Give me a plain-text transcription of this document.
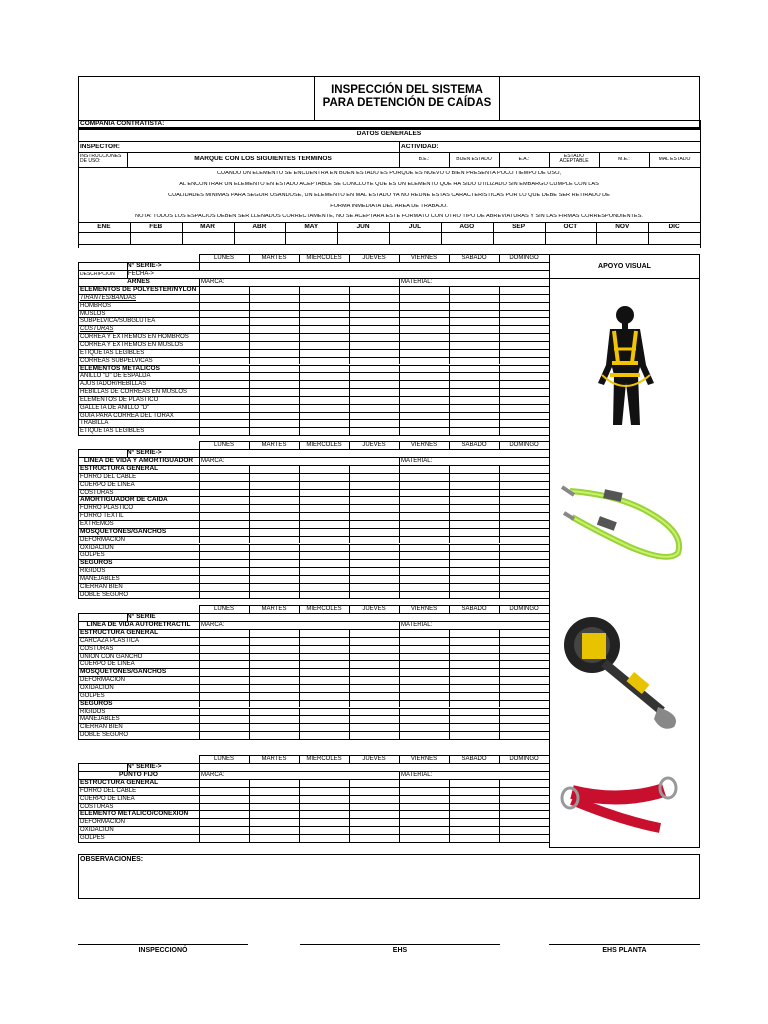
INSPECCIÓN DEL SISTEMA PARA DETENCIÓN DE CAÍDAS
COMPAÑÍA CONTRATISTA:
DATOS GENERALES
INSPECTOR:	ACTIVIDAD:
INSTRUCCIONES DE USO:	MARQUE CON LOS SIGUIENTES TÉRMINOS	B.E.:	BUEN ESTADO	E.A.:	ESTADO ACEPTABLE	M.E.:	MAL ESTADO
CUANDO UN ELEMENTO SE ENCUENTRA EN BUEN ESTADO ES PORQUE ES NUEVO O BIEN PRESENTA POCO TIEMPO DE USO,
AL ENCONTRAR UN ELEMENTO EN ESTADO ACEPTABLE SE CONCLUYE QUE ES UN ELEMENTO QUE HA SIDO UTILIZADO SIN EMBARGO CUMPLE CON LAS
CUALIDADES MÍNIMAS PARA SEGUIR USANDOSE, UN ELEMENTO EN MAL ESTADO YA NO REUNE ESTAS CARACTERÍSTICAS POR LO QUE DEBE SER RETIRADO DE
FORMA INMEDIATA DEL ÁREA DE TRABAJO.
NOTA: TODOS LOS ESPACIOS DEBEN SER LLENADOS CORRECTAMENTE, NO SE ACEPTARA ESTE FORMATO CON OTRO TIPO DE ABREVIATURAS Y SIN LAS FIRMAS CORRESPONDIENTES.
ENE	FEB	MAR	ABR	MAY	JUN	JUL	AGO	SEP	OCT	NOV	DIC
LUNES	MARTES	MIERCOLES	JUEVES	VIERNES	SABADO	DOMINGO
N° SERIE->
DESCRIPCION FECHA->
ARNÉS	MARCA:	MATERIAL:
ELEMENTOS DE POLYESTER/NYLON
TIRANTES/BANDAS
HOMBROS
MUSLOS
SUBPELVICA/SUBGLUTEA
COSTURAS
CORREA Y EXTREMOS EN HOMBROS
CORREA Y EXTREMOS EN MUSLOS
ETIQUETAS LEGIBLES
CORREAS SUBPELVICAS
ELEMENTOS METALICOS
ANILLO "D" DE ESPALDA
AJUSTADOR/HEBILLAS
HEBILLAS DE CORREAS EN MUSLOS
ELEMENTOS DE PLASTICO
GALLETA DE ANILLO "D"
GUIA PARA CORREA DEL TORAX
TRABILLA
ETIQUETAS LEGIBLES
LUNES	MARTES	MIERCOLES	JUEVES	VIERNES	SABADO	DOMINGO
N° SERIE->
LINEA DE VIDA Y AMORTIGUADOR	MARCA:	MATERIAL:
ESTRUCTURA GENERAL
FORRO DEL CABLE
CUERPO DE LINEA
COSTURAS
AMORTIGUADOR DE CAIDA
FORRO PLASTICO
FORRO TEXTIL
EXTREMOS
MOSQUETONES/GANCHOS
DEFORMACION
OXIDACION
GOLPES
SEGUROS
RIGIDOS
MANEJABLES
CIERRAN BIEN
DOBLE SEGURO
LUNES	MARTES	MIERCOLES	JUEVES	VIERNES	SABADO	DOMINGO
N° SERIE
LINEA DE VIDA AUTORETRACTIL	MARCA:	MATERIAL:
ESTRUCTURA GENERAL
CARCAZA PLASTICA
COSTURAS
UNION CON GANCHO
CUERPO DE LINEA
MOSQUETONES/GANCHOS
DEFORMACION
OXIDACION
GOLPES
SEGUROS
RIGIDOS
MANEJABLES
CIERRAN BIEN
DOBLE SEGURO
LUNES	MARTES	MIERCOLES	JUEVES	VIERNES	SABADO	DOMINGO
N° SERIE->
PUNTO FIJO	MARCA:	MATERIAL:
ESTRUCTURA GENERAL
FORRO DEL CABLE
CUERPO DE LINEA
COSTURAS
ELEMENTO METÁLICO/CONEXIÓN
DEFORMACION
OXIDACION
GOLPES
APOYO VISUAL
OBSERVACIONES:
INSPECCIONÓ	EHS	EHS PLANTA
